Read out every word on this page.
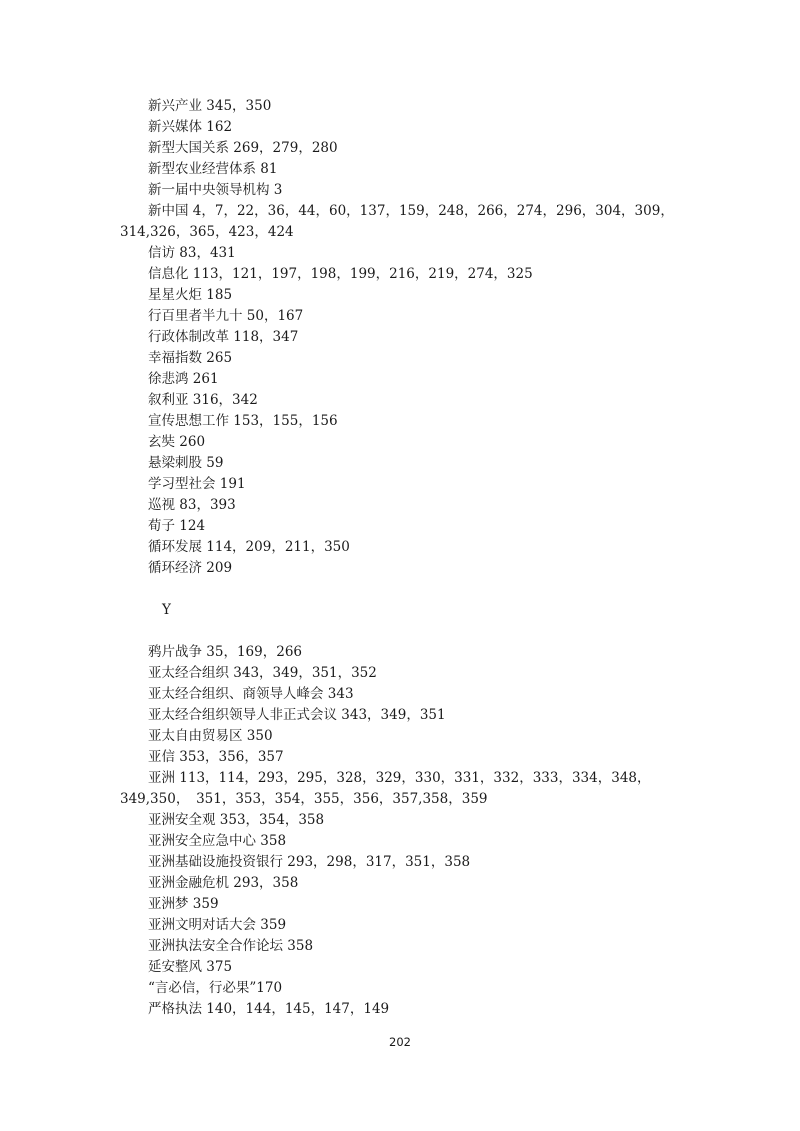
新兴产业 345，350
新兴媒体 162
新型大国关系 269，279，280
新型农业经营体系 81
新一届中央领导机构 3
新中国 4，7，22，36，44，60，137，159，248，266，274，296，304，309，314,326，365，423，424
信访 83，431
信息化 113，121，197，198，199，216，219，274，325
星星火炬 185
行百里者半九十 50，167
行政体制改革 118，347
幸福指数 265
徐悲鸿 261
叙利亚 316，342
宣传思想工作 153，155，156
玄奘 260
悬梁刺股 59
学习型社会 191
巡视 83，393
荀子 124
循环发展 114，209，211，350
循环经济 209
Y
鸦片战争 35，169，266
亚太经合组织 343，349，351，352
亚太经合组织、商领导人峰会 343
亚太经合组织领导人非正式会议 343，349，351
亚太自由贸易区 350
亚信 353，356，357
亚洲 113，114，293，295，328，329，330，331，332，333，334，348，349,350，　351，353，354，355，356，357,358，359
亚洲安全观 353，354，358
亚洲安全应急中心 358
亚洲基础设施投资银行 293，298，317，351，358
亚洲金融危机 293，358
亚洲梦 359
亚洲文明对话大会 359
亚洲执法安全合作论坛 358
延安整风 375
“言必信，行必果”170
严格执法 140，144，145，147，149
202
